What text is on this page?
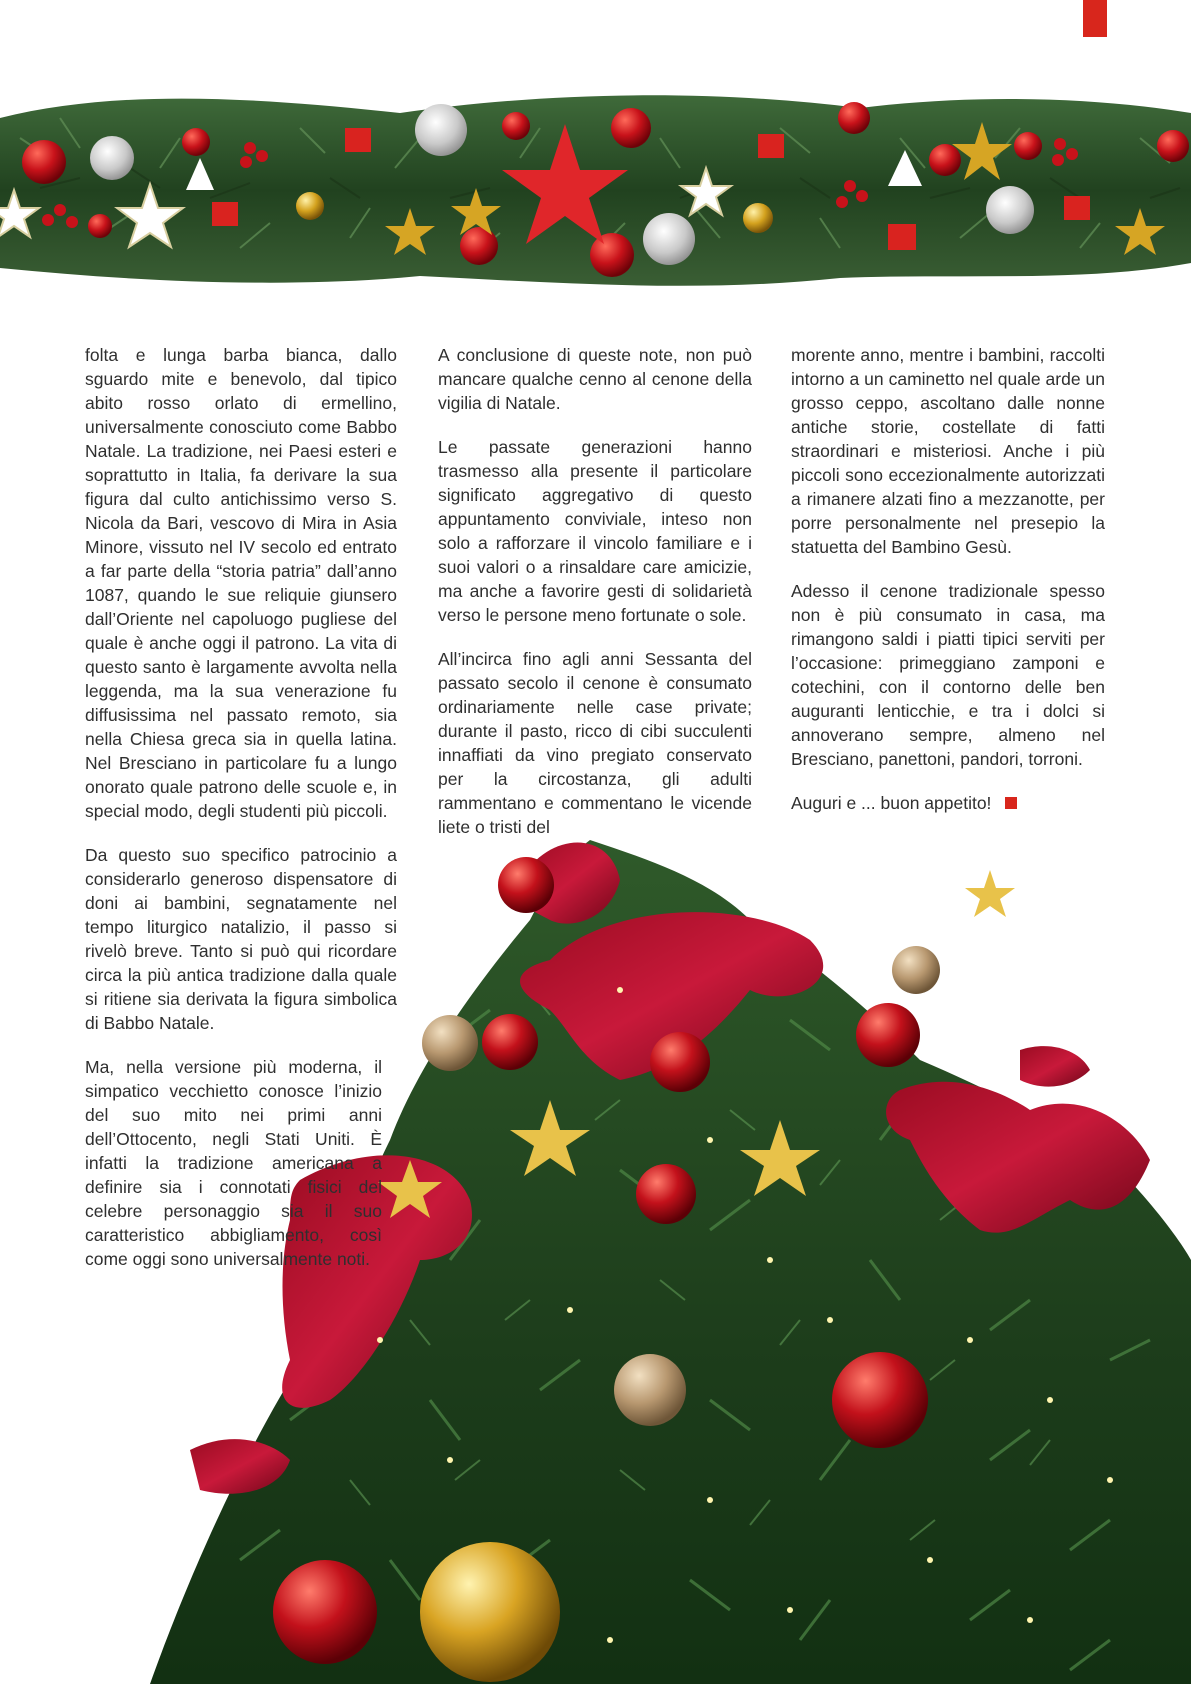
folta e lunga barba bianca, dallo sguardo mite e benevolo, dal tipico abito rosso orlato di ermellino, universalmente conosciuto come Babbo Natale. La tradizione, nei Paesi esteri e soprattutto in Italia, fa derivare la sua figura dal culto antichissimo verso S. Nicola da Bari, vescovo di Mira in Asia Minore, vissuto nel IV secolo ed entrato a far parte della “storia patria” dall’anno 1087, quando le sue reliquie giunsero dall’Oriente nel capoluogo pugliese del quale è anche oggi il patrono. La vita di questo santo è largamente avvolta nella leggenda, ma la sua venerazione fu diffusissima nel passato remoto, sia nella Chiesa greca sia in quella latina. Nel Bresciano in particolare fu a lungo onorato quale patrono delle scuole e, in special modo, degli studenti più piccoli.

Da questo suo specifico patrocinio a considerarlo generoso dispensatore di doni ai bambini, segnatamente nel tempo liturgico natalizio, il passo si rivelò breve. Tanto si può qui ricordare circa la più antica tradizione dalla quale si ritiene sia derivata la figura simbolica di Babbo Natale.

Ma, nella versione più moderna, il simpatico vecchietto conosce l’inizio del suo mito nei primi anni dell’Ottocento, negli Stati Uniti. È infatti la tradizione americana a definire sia i connotati fisici del celebre personaggio sia il suo caratteristico abbigliamento, così come oggi sono universalmente noti.

A conclusione di queste note, non può mancare qualche cenno al cenone della vigilia di Natale.

Le passate generazioni hanno trasmesso alla presente il particolare significato aggregativo di questo appuntamento conviviale, inteso non solo a rafforzare il vincolo familiare e i suoi valori o a rinsaldare care amicizie, ma anche a favorire gesti di solidarietà verso le persone meno fortunate o sole.

All’incirca fino agli anni Sessanta del passato secolo il cenone è consumato ordinariamente nelle case private; durante il pasto, ricco di cibi succulenti innaffiati da vino pregiato conservato per la circostanza, gli adulti rammentano e commentano le vicende liete o tristi del

morente anno, mentre i bambini, raccolti intorno a un caminetto nel quale arde un grosso ceppo, ascoltano dalle nonne antiche storie, costellate di fatti straordinari e misteriosi. Anche i più piccoli sono eccezionalmente autorizzati a rimanere alzati fino a mezzanotte, per porre personalmente nel presepio la statuetta del Bambino Gesù.

Adesso il cenone tradizionale spesso non è più consumato in casa, ma rimangono saldi i piatti tipici serviti per l’occasione: primeggiano zamponi e cotechini, con il contorno delle ben auguranti lenticchie, e tra i dolci si annoverano sempre, almeno nel Bresciano, panettoni, pandori, torroni.

Auguri e ... buon appetito!
